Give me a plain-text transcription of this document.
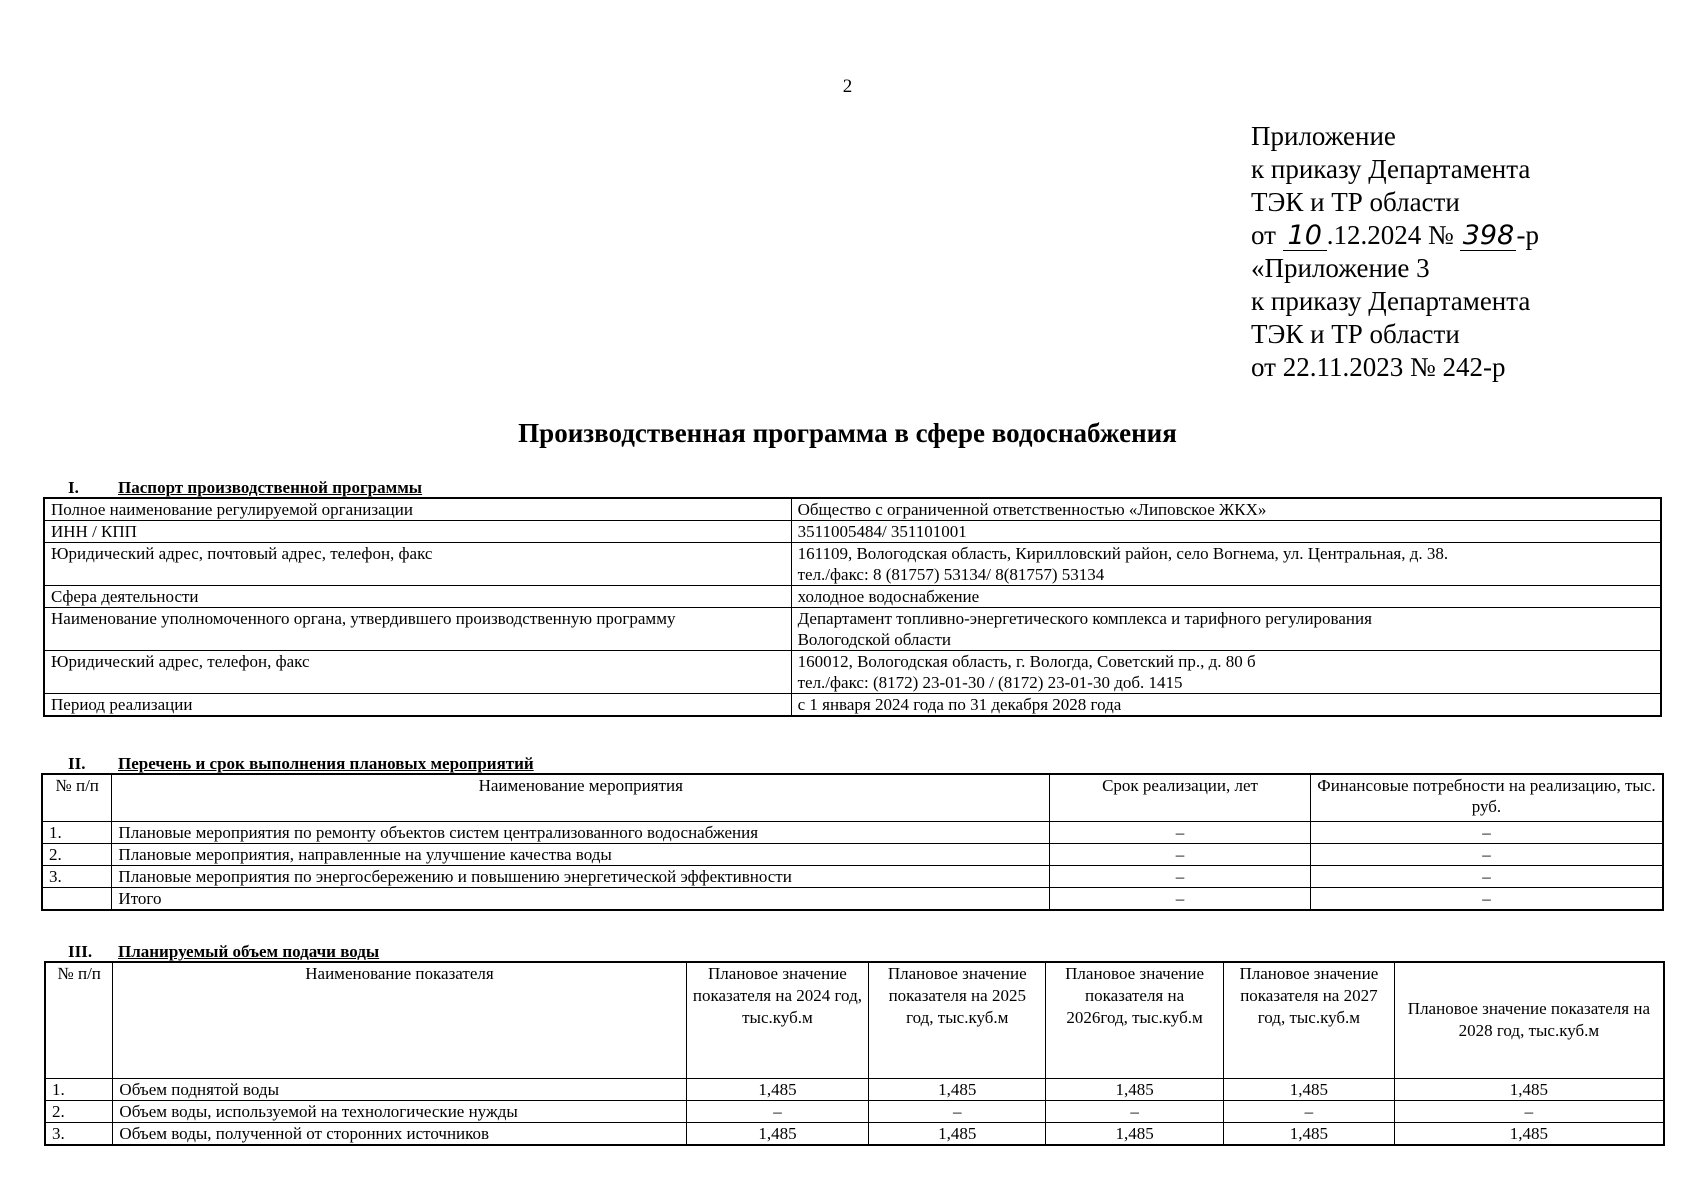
2
Приложение
к приказу Департамента
ТЭК и ТР области
от 10 .12.2024 № 398-р
«Приложение 3
к приказу Департамента
ТЭК и ТР области
от 22.11.2023 № 242-р
Производственная программа в сфере водоснабжения
I. Паспорт производственной программы
Полное наименование регулируемой организации	Общество с ограниченной ответственностью «Липовское ЖКХ»
ИНН / КПП	3511005484/ 351101001
Юридический адрес, почтовый адрес, телефон, факс	161109, Вологодская область, Кирилловский район, село Вогнема, ул. Центральная, д. 38.
тел./факс: 8 (81757) 53134/ 8(81757) 53134

Сфера деятельности	холодное водоснабжение
Наименование уполномоченного органа, утвердившего производственную программу	Департамент топливно-энергетического комплекса и тарифного регулирования
Вологодской области

Юридический адрес, телефон, факс	160012, Вологодская область, г. Вологда, Советский пр., д. 80 б
тел./факс: (8172) 23-01-30 / (8172) 23-01-30 доб. 1415

Период реализации	с 1 января 2024 года по 31 декабря 2028 года
II. Перечень и срок выполнения плановых мероприятий
№ п/п	Наименование мероприятия	Срок реализации, лет	Финансовые потребности на реализацию, тыс. руб.
1.	Плановые мероприятия по ремонту объектов систем централизованного водоснабжения	–	–
2.	Плановые мероприятия, направленные на улучшение качества воды	–	–
3.	Плановые мероприятия по энергосбережению и повышению энергетической эффективности	–	–
	Итого	–	–
III. Планируемый объем подачи воды
№ п/п	Наименование показателя	Плановое значение показателя на 2024 год, тыс.куб.м	Плановое значение показателя на 2025 год, тыс.куб.м	Плановое значение показателя на 2026год, тыс.куб.м	Плановое значение показателя на 2027 год, тыс.куб.м	Плановое значение показателя на 2028 год, тыс.куб.м
1.	Объем поднятой воды	1,485	1,485	1,485	1,485	1,485
2.	Объем воды, используемой на технологические нужды	–	–	–	–	–
3.	Объем воды, полученной от сторонних источников	1,485	1,485	1,485	1,485	1,485
